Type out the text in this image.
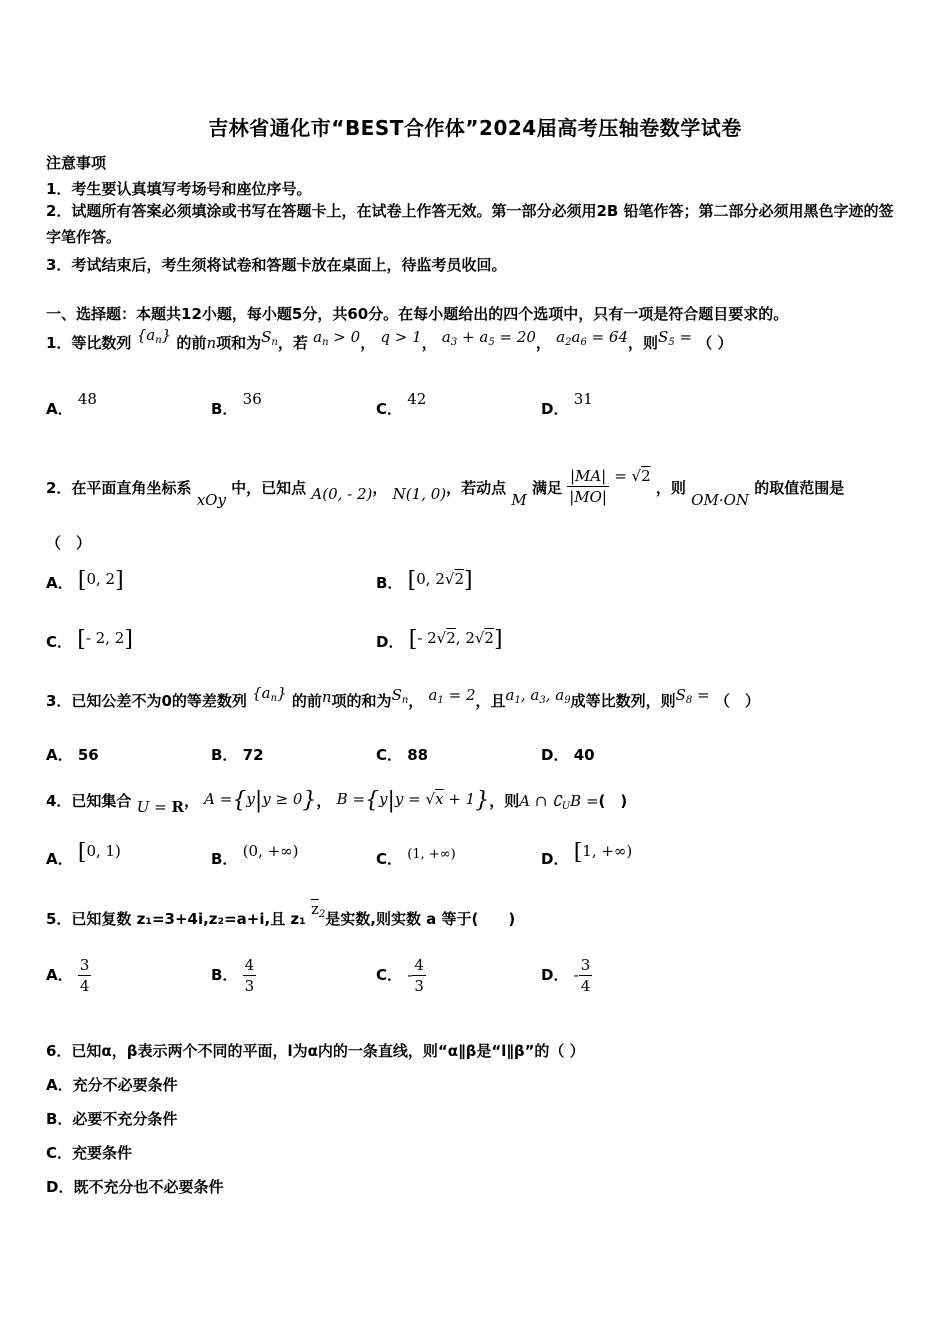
吉林省通化市“BEST合作体”2024届高考压轴卷数学试卷
注意事项
1．考生要认真填写考场号和座位序号。
2．试题所有答案必须填涂或书写在答题卡上，在试卷上作答无效。第一部分必须用2B 铅笔作答；第二部分必须用黑色字迹的签字笔作答。
3．考试结束后，考生须将试卷和答题卡放在桌面上，待监考员收回。
一、选择题：本题共12小题，每小题5分，共60分。在每小题给出的四个选项中，只有一项是符合题目要求的。
1．等比数列 $\{a_n\}$ 的前n项和为$S_n$，若 $a_n > 0$， q > 1， $a_3 + a_5 = 20$， $a_2a_6 = 64$，则$S_5$ = （ ）
A． 48
B． 36
C． 42
D． 31
2．在平面直角坐标系 xOy 中，已知点 A(0, - 2)， N(1, 0)，若动点 M 满足 $\frac{|MA|}{|MO|} = √2$ ，则 OM·ON 的取值范围是
（　）
A． [0, 2]	B． [0, 2√2]
C． [- 2, 2]	D． [- 2√2, 2√2]
3．已知公差不为0的等差数列 $\{a_n\}$ 的前n项的和为$S_n$， $a_1 = 2$，且$a_1$, $a_3$, $a_9$成等比数列，则$S_8$ = （　）
A． 56	B． 72	C． 88	D． 40
4．已知集合 U = R， A ={y|y ≥ 0}， B ={y|y = √x + 1}，则A ∩ $∁_UB$ =(　)
A． [0, 1)	B． (0, +∞)	C． (1, +∞)	D． [1, +∞)
5．已知复数 z₁=3+4i,z₂=a+i,且 z₁ $\overline{z}_2$是实数,则实数 a 等于(　　)
A． $\frac{3}{4}$	B． $\frac{4}{3}$	C． - $\frac{4}{3}$	D． - $\frac{3}{4}$
6．已知α，β表示两个不同的平面，l为α内的一条直线，则“α∥β是“l∥β”的（ ）
A．充分不必要条件
B．必要不充分条件
C．充要条件
D．既不充分也不必要条件
